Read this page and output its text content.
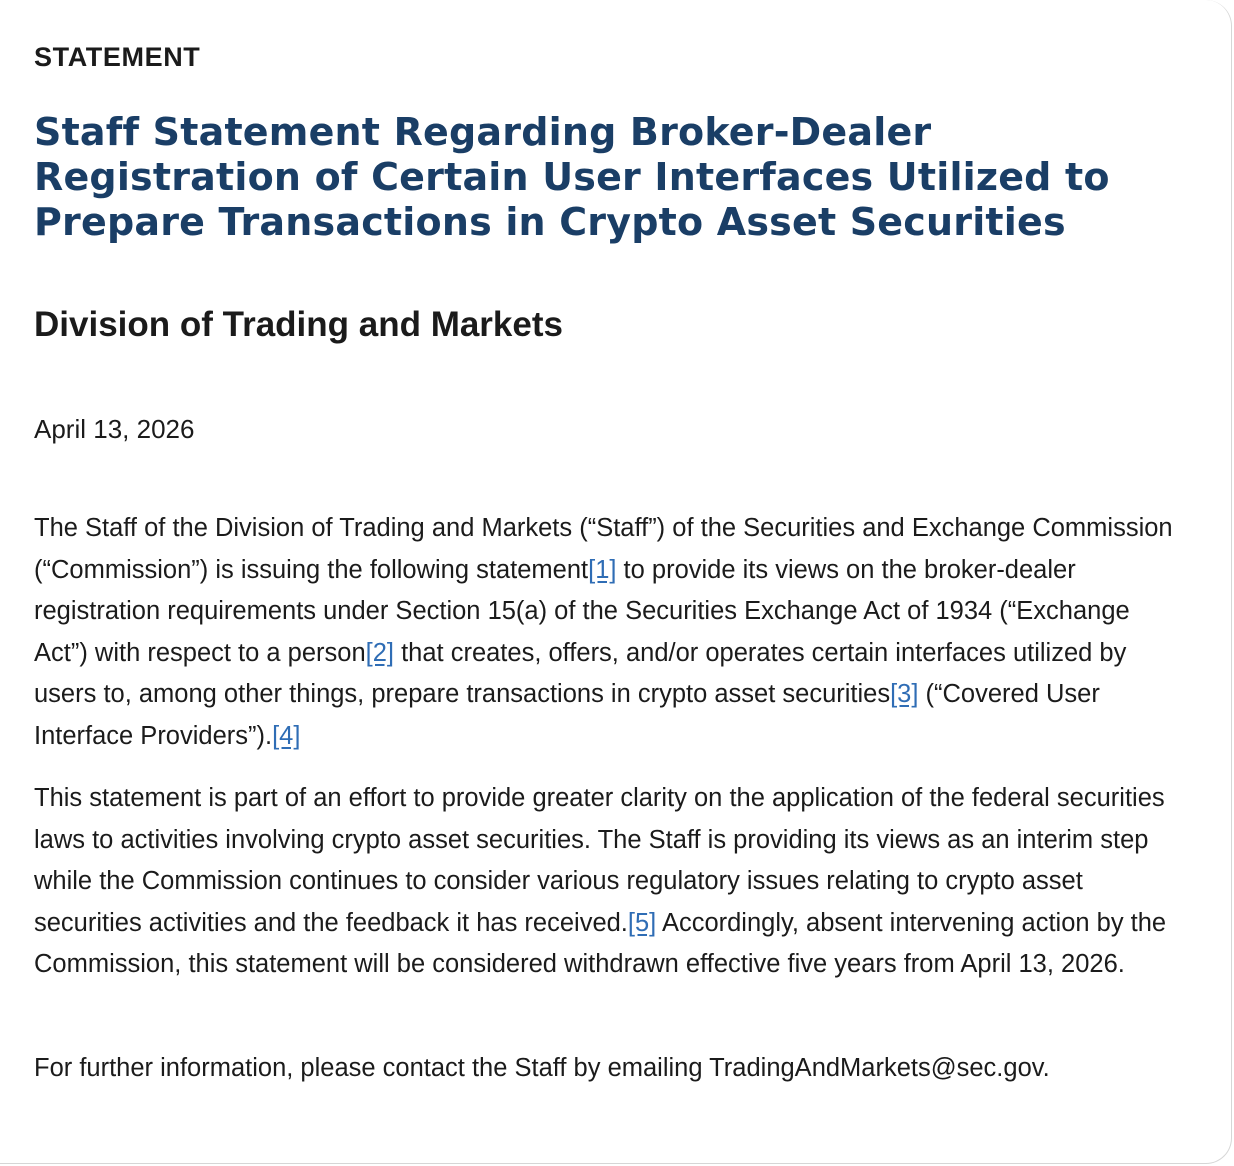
STATEMENT

Staff Statement Regarding Broker-Dealer Registration of Certain User Interfaces Utilized to Prepare Transactions in Crypto Asset Securities
Division of Trading and Markets

April 13, 2026

The Staff of the Division of Trading and Markets (“Staff”) of the Securities and Exchange Commission (“Commission”) is issuing the following statement[1] to provide its views on the broker-dealer registration requirements under Section 15(a) of the Securities Exchange Act of 1934 (“Exchange Act”) with respect to a person[2] that creates, offers, and/or operates certain interfaces utilized by users to, among other things, prepare transactions in crypto asset securities[3] (“Covered User Interface Providers”).[4]

This statement is part of an effort to provide greater clarity on the application of the federal securities laws to activities involving crypto asset securities. The Staff is providing its views as an interim step while the Commission continues to consider various regulatory issues relating to crypto asset securities activities and the feedback it has received.[5] Accordingly, absent intervening action by the Commission, this statement will be considered withdrawn effective five years from April 13, 2026.

For further information, please contact the Staff by emailing TradingAndMarkets@sec.gov.
